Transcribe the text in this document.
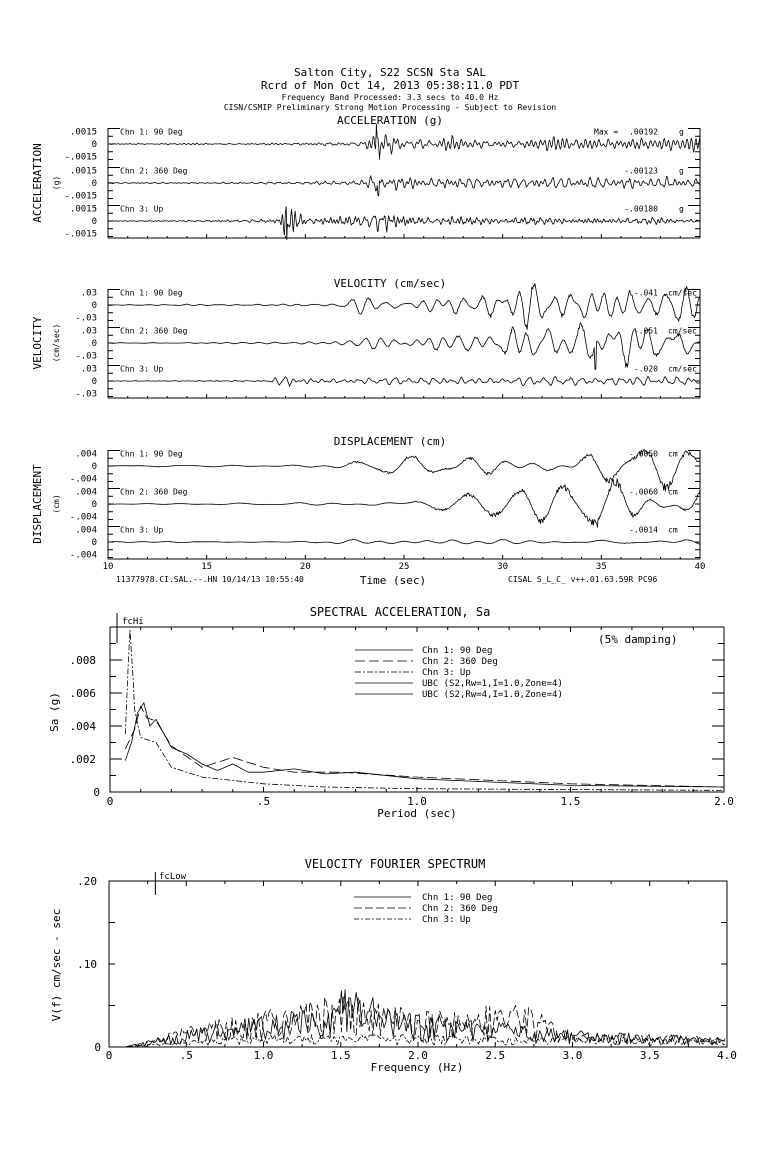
Salton City, S22 SCSN Sta SAL
Rcrd of Mon Oct 14, 2013 05:38:11.0 PDT
Frequency Band Processed: 3.3 secs to 40.0 Hz
CISN/CSMIP Preliminary Strong Motion Processing - Subject to Revision
ACCELERATION (g)
VELOCITY (cm/sec)
DISPLACEMENT (cm)
ACCELERATION (g)
VELOCITY (cm/sec)
DISPLACEMENT (cm)
Time (sec)
11377978.CI.SAL.--.HN 10/14/13 10:55:40	CISAL S_L_C_ v++.01.63.59R PC96
SPECTRAL ACCELERATION, Sa
(5% damping)
Period (sec)
Sa (g)
fcHi
VELOCITY FOURIER SPECTRUM
Frequency (Hz)
V(f) cm/sec - sec
fcLow
.0015
0
-.0015
Chn 1: 90 Deg	Max = .00192	g
.0015
0
-.0015
Chn 2: 360 Deg	-.00123	g
.0015
0
-.0015
Chn 3: Up	-.00180	g
.03
0
-.03
Chn 1: 90 Deg	-.041 cm/sec
.03
0
-.03
Chn 2: 360 Deg	-.051 cm/sec
.03
0
-.03
Chn 3: Up	-.020 cm/sec
.004
0
-.004
Chn 1: 90 Deg	-.0050 cm
.004
0
-.004
Chn 2: 360 Deg	-.0060 cm
.004
0
-.004
Chn 3: Up	-.0014 cm
10	15	20	25	30	35	40
.008
.006
.004
.002
0
0	.5	1.0	1.5	2.0
Chn 1: 90 Deg
Chn 2: 360 Deg
Chn 3: Up
UBC (S2,Rw=1,I=1.0,Zone=4)
UBC (S2,Rw=4,I=1.0,Zone=4)
.20
.10
0
0	.5	1.0	1.5	2.0	2.5	3.0	3.5	4.0
Chn 1: 90 Deg
Chn 2: 360 Deg
Chn 3: Up
